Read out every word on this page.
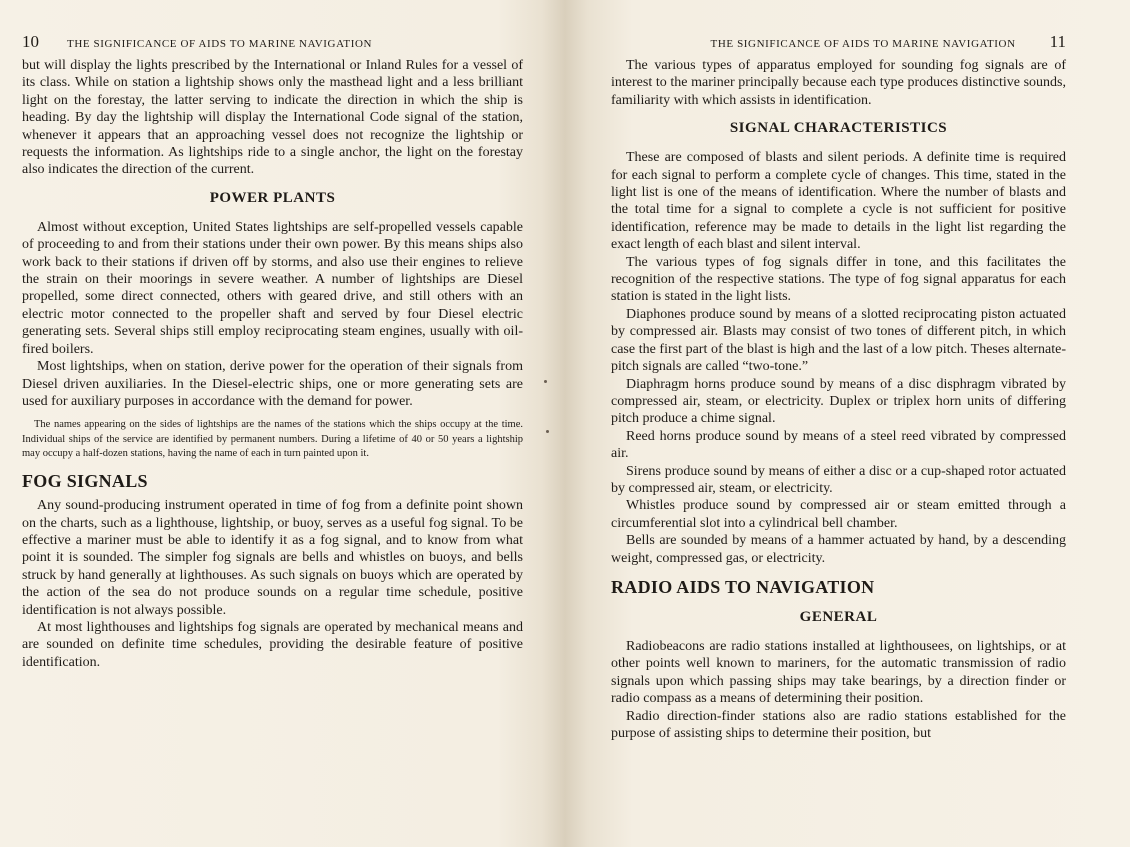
10	THE SIGNIFICANCE OF AIDS TO MARINE NAVIGATION

but will display the lights prescribed by the International or Inland Rules for a vessel of its class. While on station a lightship shows only the masthead light and a less brilliant light on the forestay, the latter serving to indicate the direction in which the ship is heading. By day the lightship will display the International Code signal of the station, whenever it appears that an approaching vessel does not recognize the lightship or requests the information. As lightships ride to a single anchor, the light on the forestay also indicates the direction of the current.

POWER PLANTS

Almost without exception, United States lightships are self-propelled vessels capable of proceeding to and from their stations under their own power. By this means ships also work back to their stations if driven off by storms, and also use their engines to relieve the strain on their moorings in severe weather. A number of lightships are Diesel propelled, some direct connected, others with geared drive, and still others with an electric motor connected to the propeller shaft and served by four Diesel electric generating sets. Several ships still employ reciprocating steam engines, usually with oil-fired boilers.

Most lightships, when on station, derive power for the operation of their signals from Diesel driven auxiliaries. In the Diesel-electric ships, one or more generating sets are used for auxiliary purposes in accordance with the demand for power.

The names appearing on the sides of lightships are the names of the stations which the ships occupy at the time. Individual ships of the service are identified by permanent numbers. During a lifetime of 40 or 50 years a lightship may occupy a half-dozen stations, having the name of each in turn painted upon it.

FOG SIGNALS

Any sound-producing instrument operated in time of fog from a definite point shown on the charts, such as a lighthouse, lightship, or buoy, serves as a useful fog signal. To be effective a mariner must be able to identify it as a fog signal, and to know from what point it is sounded. The simpler fog signals are bells and whistles on buoys, and bells struck by hand generally at lighthouses. As such signals on buoys which are operated by the action of the sea do not produce sounds on a regular time schedule, positive identification is not always possible.

At most lighthouses and lightships fog signals are operated by mechanical means and are sounded on definite time schedules, providing the desirable feature of positive identification.

THE SIGNIFICANCE OF AIDS TO MARINE NAVIGATION 11

The various types of apparatus employed for sounding fog signals are of interest to the mariner principally because each type produces distinctive sounds, familiarity with which assists in identification.

SIGNAL CHARACTERISTICS

These are composed of blasts and silent periods. A definite time is required for each signal to perform a complete cycle of changes. This time, stated in the light list is one of the means of identification. Where the number of blasts and the total time for a signal to complete a cycle is not sufficient for positive identification, reference may be made to details in the light list regarding the exact length of each blast and silent interval.

The various types of fog signals differ in tone, and this facilitates the recognition of the respective stations. The type of fog signal apparatus for each station is stated in the light lists.

Diaphones produce sound by means of a slotted reciprocating piston actuated by compressed air. Blasts may consist of two tones of different pitch, in which case the first part of the blast is high and the last of a low pitch. Theses alternate-pitch signals are called “two-tone.”

Diaphragm horns produce sound by means of a disc disphragm vibrated by compressed air, steam, or electricity. Duplex or triplex horn units of differing pitch produce a chime signal.

Reed horns produce sound by means of a steel reed vibrated by compressed air.

Sirens produce sound by means of either a disc or a cup-shaped rotor actuated by compressed air, steam, or electricity.

Whistles produce sound by compressed air or steam emitted through a circumferential slot into a cylindrical bell chamber.

Bells are sounded by means of a hammer actuated by hand, by a descending weight, compressed gas, or electricity.

RADIO AIDS TO NAVIGATION
GENERAL

Radiobeacons are radio stations installed at lighthousees, on lightships, or at other points well known to mariners, for the automatic transmission of radio signals upon which passing ships may take bearings, by a direction finder or radio compass as a means of determining their position.

Radio direction-finder stations also are radio stations established for the purpose of assisting ships to determine their position, but
